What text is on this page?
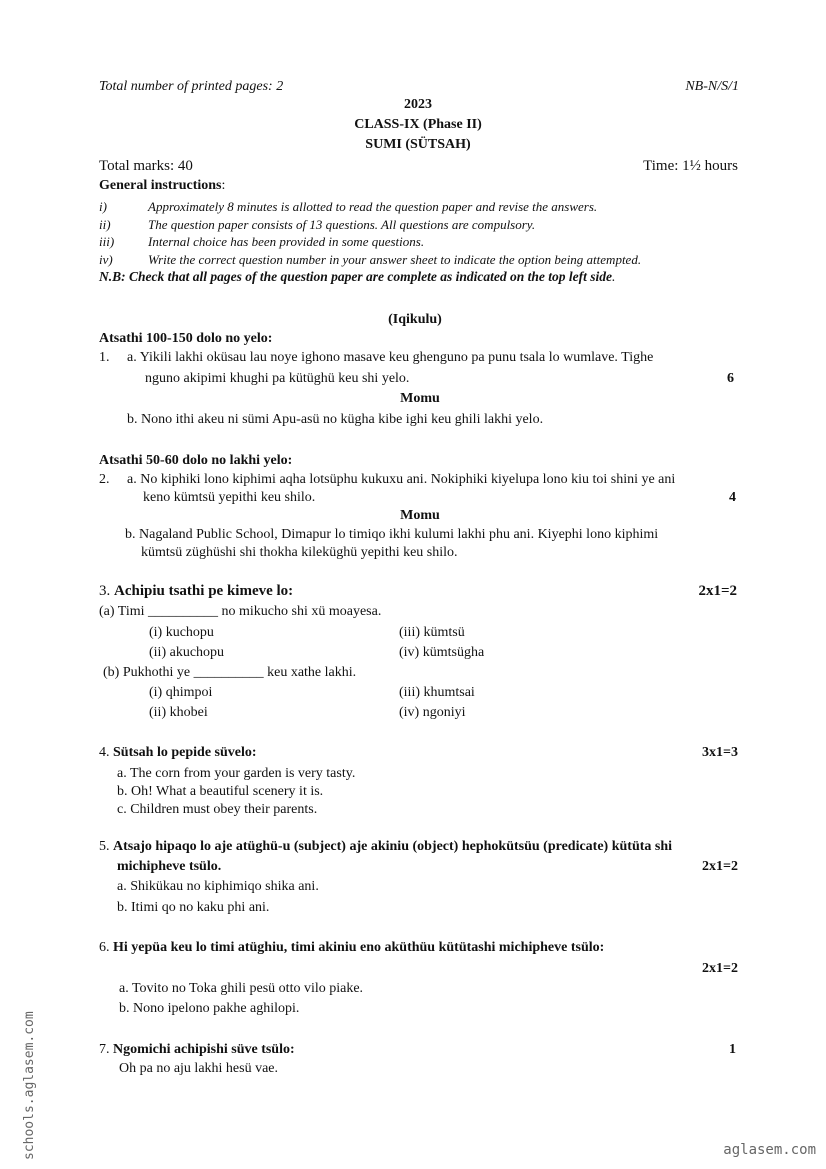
Total number of printed pages: 2	NB-N/S/1
2023
CLASS-IX (Phase II)
SUMI (SÜTSAH)
Total marks: 40	Time: 1½ hours
General instructions:
i)	Approximately 8 minutes is allotted to read the question paper and revise the answers.
ii)	The question paper consists of 13 questions. All questions are compulsory.
iii)	Internal choice has been provided in some questions.
iv)	Write the correct question number in your answer sheet to indicate the option being attempted.
N.B: Check that all pages of the question paper are complete as indicated on the top left side.
(Iqikulu)
Atsathi 100-150 dolo no yelo:
1. a. Yikili lakhi oküsau lau noye ighono masave keu ghenguno pa punu tsala lo wumlave. Tighe
nguno akipimi khughi pa kütüghü keu shi yelo.	6
Momu
b. Nono ithi akeu ni sümi Apu-asü no kügha kibe ighi keu ghili lakhi yelo.
Atsathi 50-60 dolo no lakhi yelo:
2. a. No kiphiki lono kiphimi aqha lotsüphu kukuxu ani. Nokiphiki kiyelupa lono kiu toi shini ye ani
keno kümtsü yepithi keu shilo.	4
Momu
b. Nagaland Public School, Dimapur lo timiqo ikhi kulumi lakhi phu ani. Kiyephi lono kiphimi
kümtsü züghüshi shi thokha kileküghü yepithi keu shilo.
3. Achipiu tsathi pe kimeve lo:	2x1=2
(a) Timi __________ no mikucho shi xü moayesa.
(i) kuchopu	(iii) kümtsü
(ii) akuchopu	(iv) kümtsügha
(b) Pukhothi ye __________ keu xathe lakhi.
(i) qhimpoi	(iii) khumtsai
(ii) khobei	(iv) ngoniyi
4. Sütsah lo pepide süvelo:	3x1=3
a. The corn from your garden is very tasty.
b. Oh! What a beautiful scenery it is.
c. Children must obey their parents.
5. Atsajo hipaqo lo aje atüghü-u (subject) aje akiniu (object) hephokütsüu (predicate) kütüta shi
michipheve tsülo.	2x1=2
a. Shikükau no kiphimiqo shika ani.
b. Itimi qo no kaku phi ani.
6. Hi yepüa keu lo timi atüghiu, timi akiniu eno aküthüu kütütashi michipheve tsülo:
2x1=2
a. Tovito no Toka ghili pesü otto vilo piake.
b. Nono ipelono pakhe aghilopi.
7. Ngomichi achipishi süve tsülo:	1
Oh pa no aju lakhi hesü vae.
schools.aglasem.com	aglasem.com
